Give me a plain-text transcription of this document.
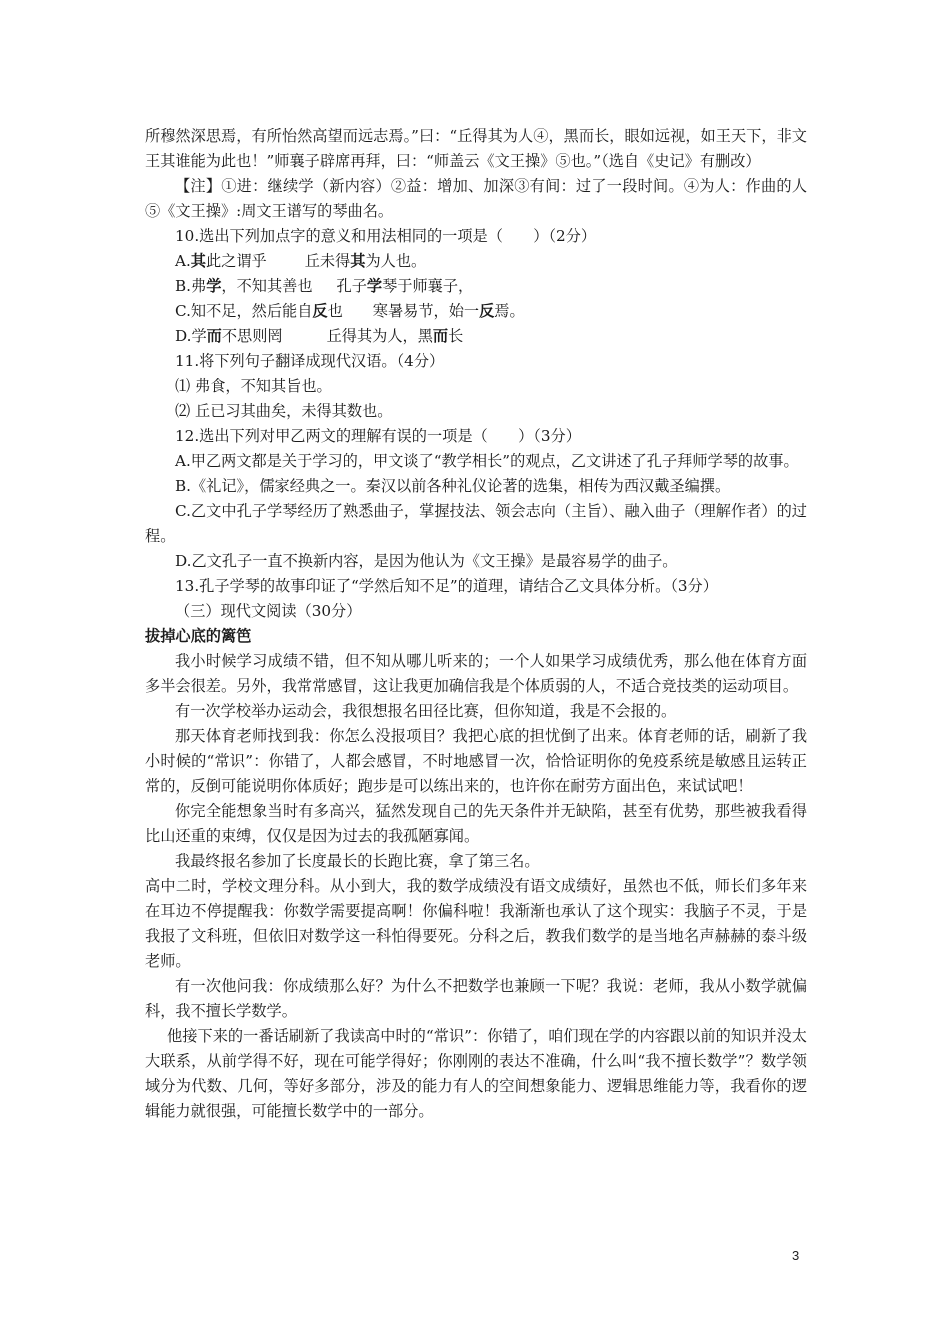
所穆然深思焉，有所怡然高望而远志焉。”曰：“丘得其为人④，黑而长，眼如远视，如王天下，非文王其谁能为此也！”师襄子辟席再拜，曰：“师盖云《文王操》⑤也。”（选自《史记》有删改）

【注】①进：继续学（新内容）②益：增加、加深③有间：过了一段时间。④为人：作曲的人⑤《文王操》:周文王谱写的琴曲名。

10.选出下列加点字的意义和用法相同的一项是（　　）（2分）

A.其此之谓乎	丘未得其为人也。

B.弗学，不知其善也 孔子学琴于师襄子，

C.知不足，然后能自反也 寒暑易节，始一反焉。

D.学而不思则罔	丘得其为人，黑而长

11.将下列句子翻译成现代汉语。（4分）

⑴ 弗食，不知其旨也。

⑵ 丘已习其曲矣，未得其数也。

12.选出下列对甲乙两文的理解有误的一项是（　　）（3分）

A.甲乙两文都是关于学习的，甲文谈了“教学相长”的观点，乙文讲述了孔子拜师学琴的故事。

B.《礼记》，儒家经典之一。秦汉以前各种礼仪论著的选集，相传为西汉戴圣编撰。

C.乙文中孔子学琴经历了熟悉曲子，掌握技法、领会志向（主旨）、融入曲子（理解作者）的过程。

D.乙文孔子一直不换新内容，是因为他认为《文王操》是最容易学的曲子。

13.孔子学琴的故事印证了“学然后知不足”的道理，请结合乙文具体分析。（3分）

（三）现代文阅读（30分）

拔掉心底的篱笆

我小时候学习成绩不错，但不知从哪儿听来的；一个人如果学习成绩优秀，那么他在体育方面多半会很差。另外，我常常感冒，这让我更加确信我是个体质弱的人，不适合竞技类的运动项目。

有一次学校举办运动会，我很想报名田径比赛，但你知道，我是不会报的。

那天体育老师找到我：你怎么没报项目？我把心底的担忧倒了出来。体育老师的话，刷新了我小时候的“常识”：你错了，人都会感冒，不时地感冒一次，恰恰证明你的免疫系统是敏感且运转正常的，反倒可能说明你体质好；跑步是可以练出来的，也许你在耐劳方面出色，来试试吧！

你完全能想象当时有多高兴，猛然发现自己的先天条件并无缺陷，甚至有优势，那些被我看得比山还重的束缚，仅仅是因为过去的我孤陋寡闻。

我最终报名参加了长度最长的长跑比赛，拿了第三名。

高中二时，学校文理分科。从小到大，我的数学成绩没有语文成绩好，虽然也不低，师长们多年来在耳边不停提醒我：你数学需要提高啊！你偏科啦！我渐渐也承认了这个现实：我脑子不灵，于是我报了文科班，但依旧对数学这一科怕得要死。分科之后，教我们数学的是当地名声赫赫的泰斗级老师。

有一次他问我：你成绩那么好？为什么不把数学也兼顾一下呢？我说：老师，我从小数学就偏科，我不擅长学数学。

他接下来的一番话刷新了我读高中时的“常识”：你错了，咱们现在学的内容跟以前的知识并没太大联系，从前学得不好，现在可能学得好；你刚刚的表达不准确，什么叫“我不擅长数学”？数学领域分为代数、几何，等好多部分，涉及的能力有人的空间想象能力、逻辑思维能力等，我看你的逻辑能力就很强，可能擅长数学中的一部分。

3
